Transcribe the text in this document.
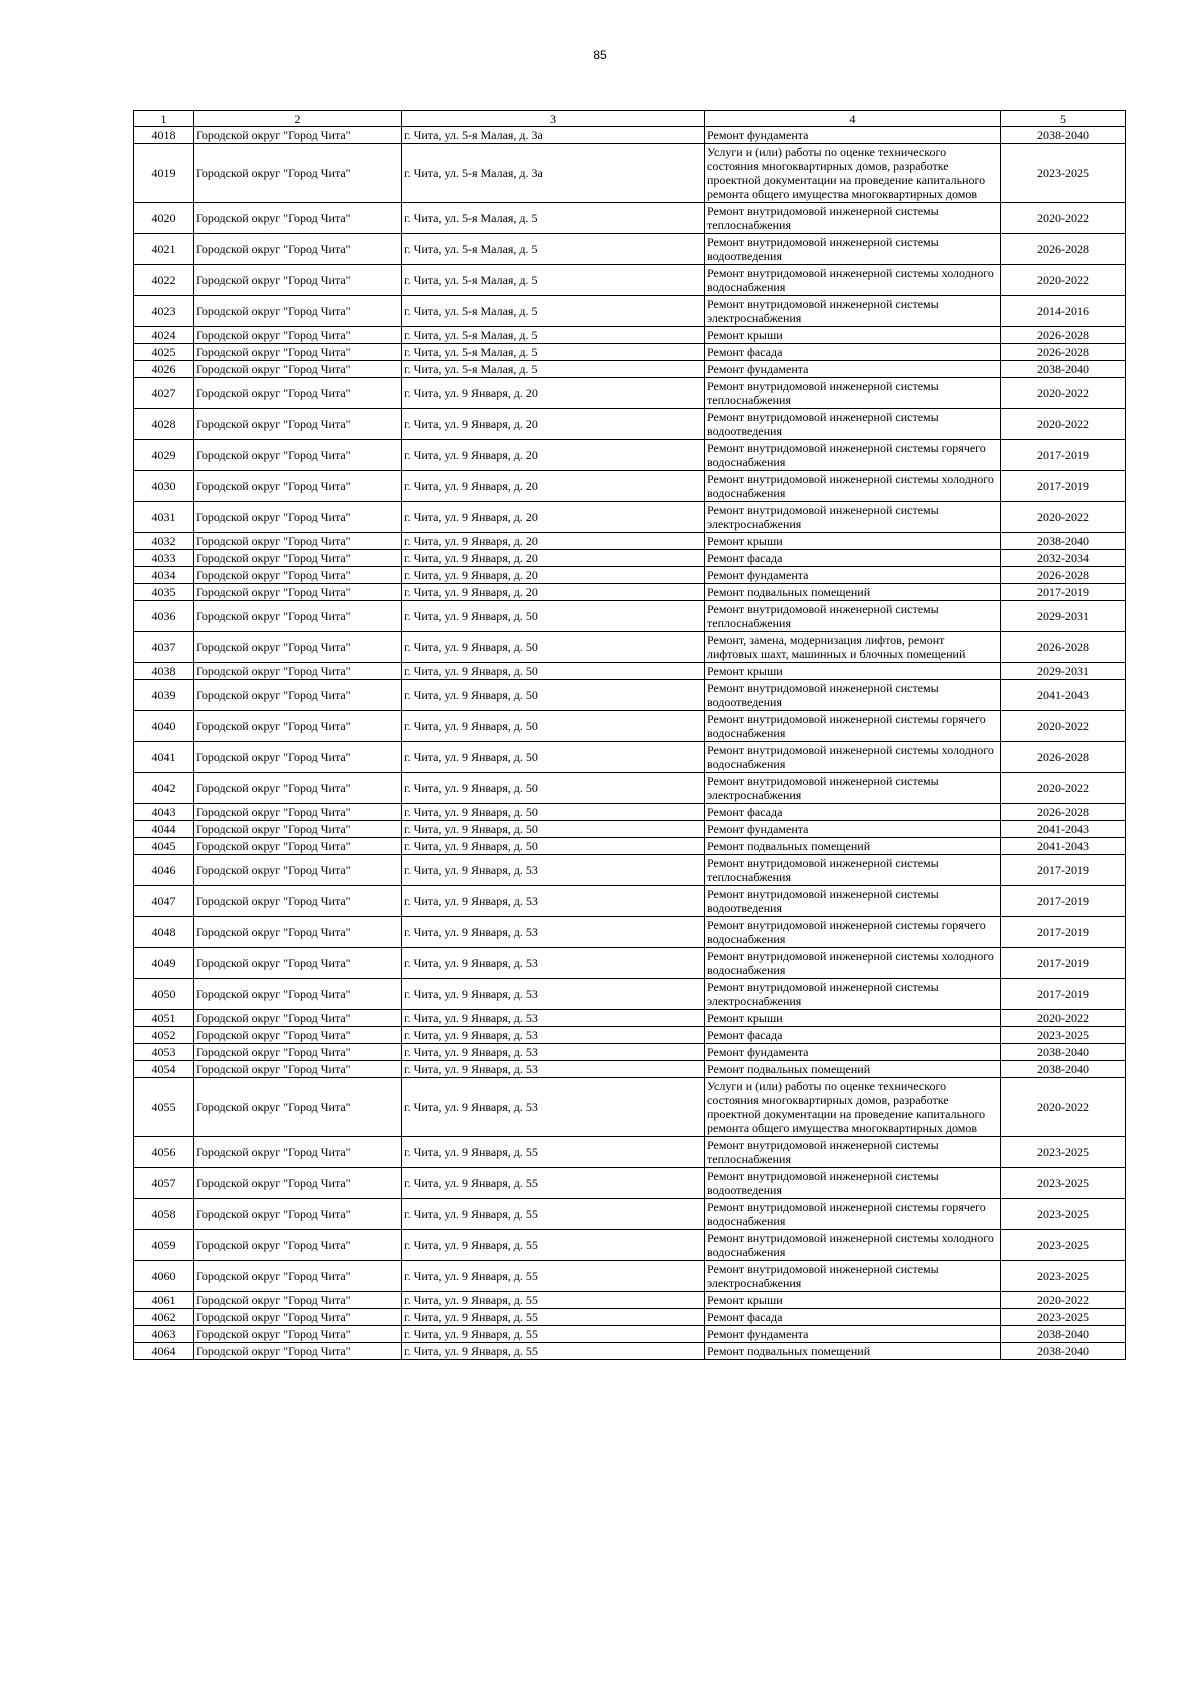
85
1	2	3	4	5
4018	Городской округ "Город Чита"	г. Чита, ул. 5-я Малая, д. 3а	Ремонт фундамента	2038-2040
4019	Городской округ "Город Чита"	г. Чита, ул. 5-я Малая, д. 3а	Услуги и (или) работы по оценке технического состояния многоквартирных домов, разработке проектной документации на проведение капитального ремонта общего имущества многоквартирных домов	2023-2025
4020	Городской округ "Город Чита"	г. Чита, ул. 5-я Малая, д. 5	Ремонт внутридомовой инженерной системы теплоснабжения	2020-2022
4021	Городской округ "Город Чита"	г. Чита, ул. 5-я Малая, д. 5	Ремонт внутридомовой инженерной системы водоотведения	2026-2028
4022	Городской округ "Город Чита"	г. Чита, ул. 5-я Малая, д. 5	Ремонт внутридомовой инженерной системы холодного водоснабжения	2020-2022
4023	Городской округ "Город Чита"	г. Чита, ул. 5-я Малая, д. 5	Ремонт внутридомовой инженерной системы электроснабжения	2014-2016
4024	Городской округ "Город Чита"	г. Чита, ул. 5-я Малая, д. 5	Ремонт крыши	2026-2028
4025	Городской округ "Город Чита"	г. Чита, ул. 5-я Малая, д. 5	Ремонт фасада	2026-2028
4026	Городской округ "Город Чита"	г. Чита, ул. 5-я Малая, д. 5	Ремонт фундамента	2038-2040
4027	Городской округ "Город Чита"	г. Чита, ул. 9 Января, д. 20	Ремонт внутридомовой инженерной системы теплоснабжения	2020-2022
4028	Городской округ "Город Чита"	г. Чита, ул. 9 Января, д. 20	Ремонт внутридомовой инженерной системы водоотведения	2020-2022
4029	Городской округ "Город Чита"	г. Чита, ул. 9 Января, д. 20	Ремонт внутридомовой инженерной системы горячего водоснабжения	2017-2019
4030	Городской округ "Город Чита"	г. Чита, ул. 9 Января, д. 20	Ремонт внутридомовой инженерной системы холодного водоснабжения	2017-2019
4031	Городской округ "Город Чита"	г. Чита, ул. 9 Января, д. 20	Ремонт внутридомовой инженерной системы электроснабжения	2020-2022
4032	Городской округ "Город Чита"	г. Чита, ул. 9 Января, д. 20	Ремонт крыши	2038-2040
4033	Городской округ "Город Чита"	г. Чита, ул. 9 Января, д. 20	Ремонт фасада	2032-2034
4034	Городской округ "Город Чита"	г. Чита, ул. 9 Января, д. 20	Ремонт фундамента	2026-2028
4035	Городской округ "Город Чита"	г. Чита, ул. 9 Января, д. 20	Ремонт подвальных помещений	2017-2019
4036	Городской округ "Город Чита"	г. Чита, ул. 9 Января, д. 50	Ремонт внутридомовой инженерной системы теплоснабжения	2029-2031
4037	Городской округ "Город Чита"	г. Чита, ул. 9 Января, д. 50	Ремонт, замена, модернизация лифтов, ремонт лифтовых шахт, машинных и блочных помещений	2026-2028
4038	Городской округ "Город Чита"	г. Чита, ул. 9 Января, д. 50	Ремонт крыши	2029-2031
4039	Городской округ "Город Чита"	г. Чита, ул. 9 Января, д. 50	Ремонт внутридомовой инженерной системы водоотведения	2041-2043
4040	Городской округ "Город Чита"	г. Чита, ул. 9 Января, д. 50	Ремонт внутридомовой инженерной системы горячего водоснабжения	2020-2022
4041	Городской округ "Город Чита"	г. Чита, ул. 9 Января, д. 50	Ремонт внутридомовой инженерной системы холодного водоснабжения	2026-2028
4042	Городской округ "Город Чита"	г. Чита, ул. 9 Января, д. 50	Ремонт внутридомовой инженерной системы электроснабжения	2020-2022
4043	Городской округ "Город Чита"	г. Чита, ул. 9 Января, д. 50	Ремонт фасада	2026-2028
4044	Городской округ "Город Чита"	г. Чита, ул. 9 Января, д. 50	Ремонт фундамента	2041-2043
4045	Городской округ "Город Чита"	г. Чита, ул. 9 Января, д. 50	Ремонт подвальных помещений	2041-2043
4046	Городской округ "Город Чита"	г. Чита, ул. 9 Января, д. 53	Ремонт внутридомовой инженерной системы теплоснабжения	2017-2019
4047	Городской округ "Город Чита"	г. Чита, ул. 9 Января, д. 53	Ремонт внутридомовой инженерной системы водоотведения	2017-2019
4048	Городской округ "Город Чита"	г. Чита, ул. 9 Января, д. 53	Ремонт внутридомовой инженерной системы горячего водоснабжения	2017-2019
4049	Городской округ "Город Чита"	г. Чита, ул. 9 Января, д. 53	Ремонт внутридомовой инженерной системы холодного водоснабжения	2017-2019
4050	Городской округ "Город Чита"	г. Чита, ул. 9 Января, д. 53	Ремонт внутридомовой инженерной системы электроснабжения	2017-2019
4051	Городской округ "Город Чита"	г. Чита, ул. 9 Января, д. 53	Ремонт крыши	2020-2022
4052	Городской округ "Город Чита"	г. Чита, ул. 9 Января, д. 53	Ремонт фасада	2023-2025
4053	Городской округ "Город Чита"	г. Чита, ул. 9 Января, д. 53	Ремонт фундамента	2038-2040
4054	Городской округ "Город Чита"	г. Чита, ул. 9 Января, д. 53	Ремонт подвальных помещений	2038-2040
4055	Городской округ "Город Чита"	г. Чита, ул. 9 Января, д. 53	Услуги и (или) работы по оценке технического состояния многоквартирных домов, разработке проектной документации на проведение капитального ремонта общего имущества многоквартирных домов	2020-2022
4056	Городской округ "Город Чита"	г. Чита, ул. 9 Января, д. 55	Ремонт внутридомовой инженерной системы теплоснабжения	2023-2025
4057	Городской округ "Город Чита"	г. Чита, ул. 9 Января, д. 55	Ремонт внутридомовой инженерной системы водоотведения	2023-2025
4058	Городской округ "Город Чита"	г. Чита, ул. 9 Января, д. 55	Ремонт внутридомовой инженерной системы горячего водоснабжения	2023-2025
4059	Городской округ "Город Чита"	г. Чита, ул. 9 Января, д. 55	Ремонт внутридомовой инженерной системы холодного водоснабжения	2023-2025
4060	Городской округ "Город Чита"	г. Чита, ул. 9 Января, д. 55	Ремонт внутридомовой инженерной системы электроснабжения	2023-2025
4061	Городской округ "Город Чита"	г. Чита, ул. 9 Января, д. 55	Ремонт крыши	2020-2022
4062	Городской округ "Город Чита"	г. Чита, ул. 9 Января, д. 55	Ремонт фасада	2023-2025
4063	Городской округ "Город Чита"	г. Чита, ул. 9 Января, д. 55	Ремонт фундамента	2038-2040
4064	Городской округ "Город Чита"	г. Чита, ул. 9 Января, д. 55	Ремонт подвальных помещений	2038-2040
